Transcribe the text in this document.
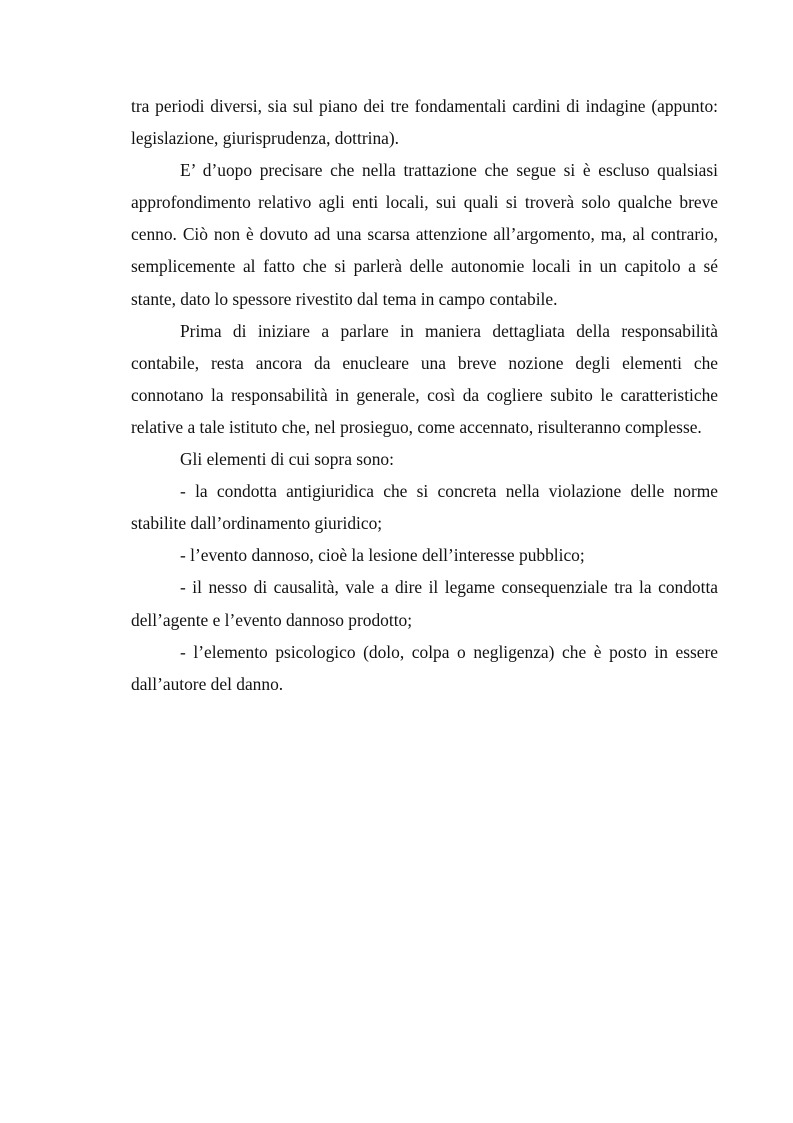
tra periodi diversi, sia sul piano dei tre fondamentali cardini di indagine (appunto: legislazione, giurisprudenza, dottrina).

E’ d’uopo precisare che nella trattazione che segue si è escluso qualsiasi approfondimento relativo agli enti locali, sui quali si troverà solo qualche breve cenno. Ciò non è dovuto ad una scarsa attenzione all’argomento, ma, al contrario, semplicemente al fatto che si parlerà delle autonomie locali in un capitolo a sé stante, dato lo spessore rivestito dal tema in campo contabile.

Prima di iniziare a parlare in maniera dettagliata della responsabilità contabile, resta ancora da enucleare una breve nozione degli elementi che connotano la responsabilità in generale, così da cogliere subito le caratteristiche relative a tale istituto che, nel prosieguo, come accennato, risulteranno complesse.

Gli elementi di cui sopra sono:

- la condotta antigiuridica che si concreta nella violazione delle norme stabilite dall’ordinamento giuridico;

- l’evento dannoso, cioè la lesione dell’interesse pubblico;

- il nesso di causalità, vale a dire il legame consequenziale tra la condotta dell’agente e l’evento dannoso prodotto;

- l’elemento psicologico (dolo, colpa o negligenza) che è posto in essere dall’autore del danno.
